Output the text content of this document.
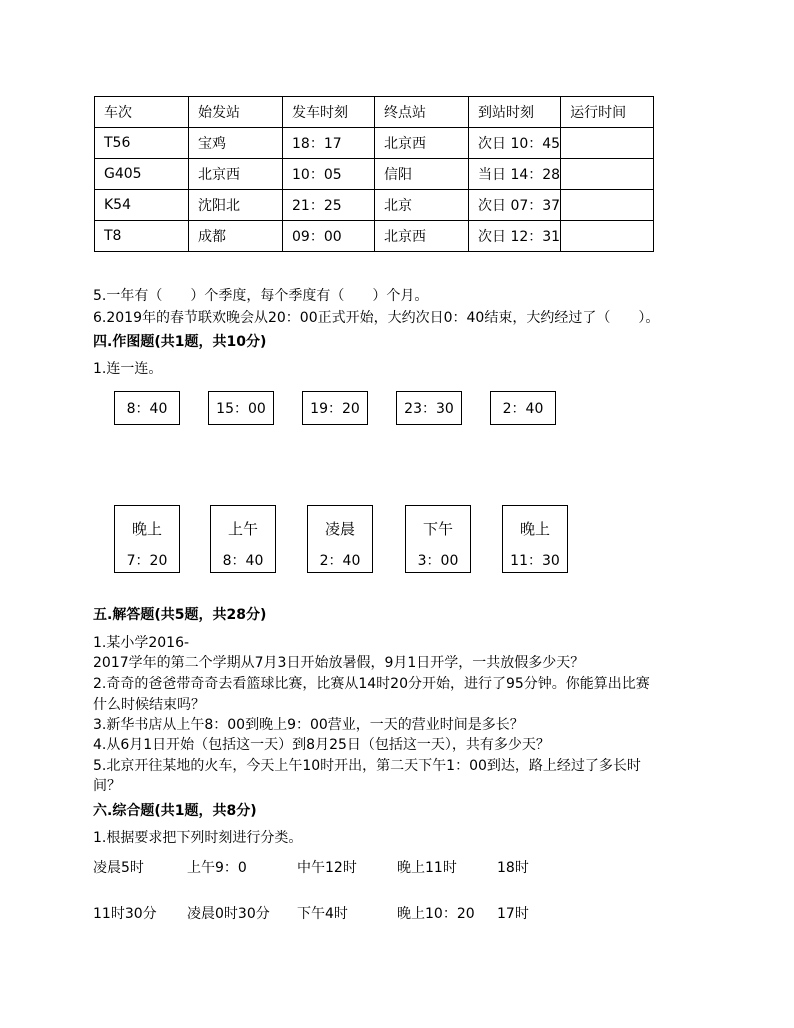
车次	始发站	发车时刻	终点站	到站时刻	运行时间
T56	宝鸡	18：17	北京西	次日 10：45	
G405	北京西	10：05	信阳	当日 14：28	
K54	沈阳北	21：25	北京	次日 07：37	
T8	成都	09：00	北京西	次日 12：31	
5.一年有（　　）个季度，每个季度有（　　）个月。
6.2019年的春节联欢晚会从20：00正式开始，大约次日0：40结束，大约经过了（　　）。
四.作图题(共1题，共10分)
1.连一连。
8：40	15：00	19：20	23：30	2：40
晚上
7：20
上午
8：40
凌晨
2：40
下午
3：00
晚上
11：30
五.解答题(共5题，共28分)
1.某小学2016-
2017学年的第二个学期从7月3日开始放暑假，9月1日开学，一共放假多少天？
2.奇奇的爸爸带奇奇去看篮球比赛，比赛从14时20分开始，进行了95分钟。你能算出比赛
什么时候结束吗？
3.新华书店从上午8：00到晚上9：00营业，一天的营业时间是多长？
4.从6月1日开始（包括这一天）到8月25日（包括这一天），共有多少天？
5.北京开往某地的火车，今天上午10时开出，第二天下午1：00到达，路上经过了多长时
间？
六.综合题(共1题，共8分)
1.根据要求把下列时刻进行分类。
凌晨5时	上午9：0	中午12时	晚上11时	18时
11时30分 凌晨0时30分 下午4时	晚上10：20 17时
